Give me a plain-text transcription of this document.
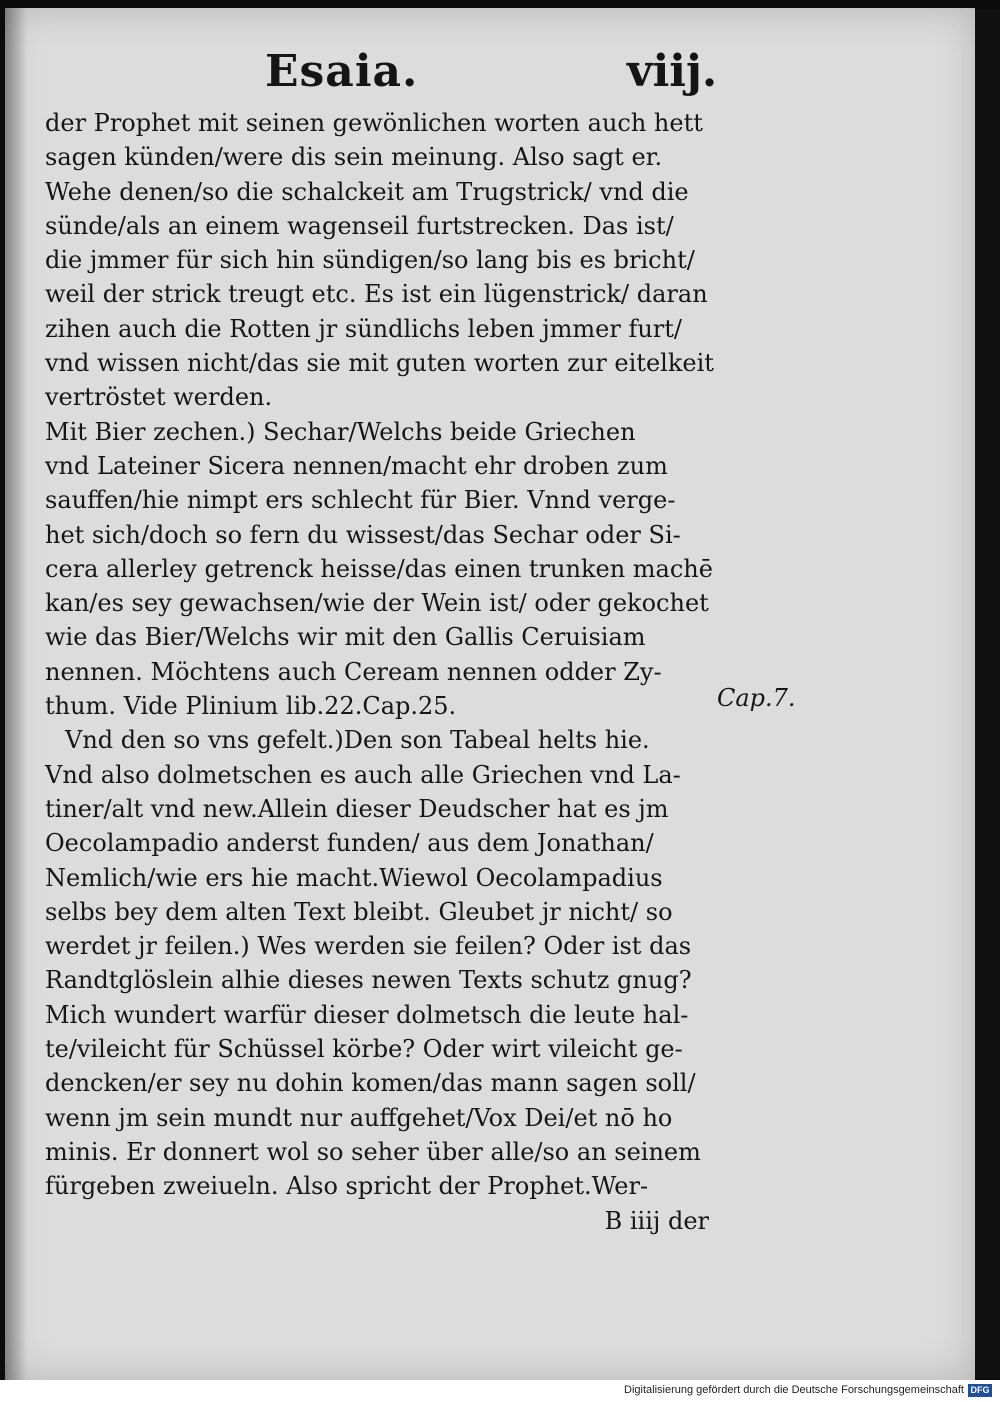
Esaia.	viij.
der Prophet mit seinen gewönlichen worten auch hett
sagen künden/were dis sein meinung. Also sagt er.
Wehe denen/so die schalckeit am Trugstrick/ vnd die
sünde/als an einem wagenseil furtstrecken. Das ist/
die jmmer für sich hin sündigen/so lang bis es bricht/
weil der strick treugt etc. Es ist ein lügenstrick/ daran
zihen auch die Rotten jr sündlichs leben jmmer furt/
vnd wissen nicht/das sie mit guten worten zur eitelkeit
vertröstet werden.
Mit Bier zechen.) Sechar/Welchs beide Griechen
vnd Lateiner Sicera nennen/macht ehr droben zum
sauffen/hie nimpt ers schlecht für Bier. Vnnd verge-
het sich/doch so fern du wissest/das Sechar oder Si-
cera allerley getrenck heisse/das einen trunken machē
kan/es sey gewachsen/wie der Wein ist/ oder gekochet
wie das Bier/Welchs wir mit den Gallis Ceruisiam
nennen. Möchtens auch Ceream nennen odder Zy-
thum. Vide Plinium lib.22.Cap.25.
Vnd den so vns gefelt.)Den son Tabeal helts hie.
Vnd also dolmetschen es auch alle Griechen vnd La-
tiner/alt vnd new.Allein dieser Deudscher hat es jm
Oecolampadio anderst funden/ aus dem Jonathan/
Nemlich/wie ers hie macht.Wiewol Oecolampadius
selbs bey dem alten Text bleibt. Gleubet jr nicht/ so
werdet jr feilen.) Wes werden sie feilen? Oder ist das
Randtglöslein alhie dieses newen Texts schutz gnug?
Mich wundert warfür dieser dolmetsch die leute hal-
te/vileicht für Schüssel körbe? Oder wirt vileicht ge-
dencken/er sey nu dohin komen/das mann sagen soll/
wenn jm sein mundt nur auffgehet/Vox Dei/et nō ho
minis. Er donnert wol so seher über alle/so an seinem
fürgeben zweiueln. Also spricht der Prophet.Wer-
B iiij der
Cap.7.
Digitalisierung gefördert durch die Deutsche Forschungsgemeinschaft DFG
